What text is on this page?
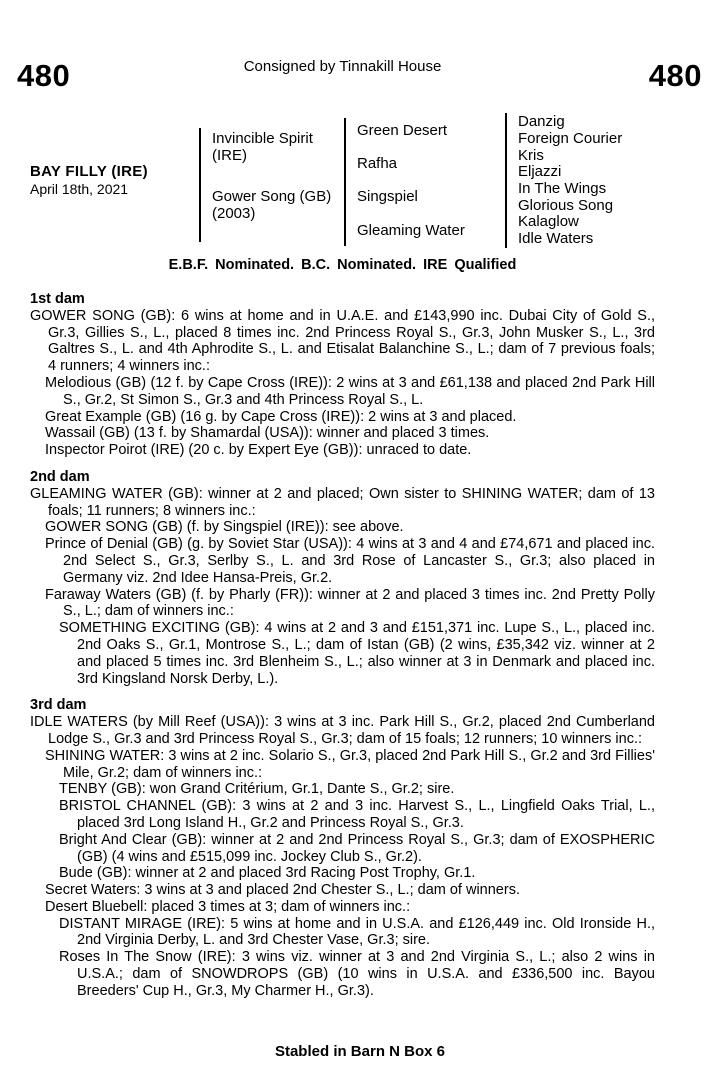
480	Consigned by Tinnakill House	480
BAY FILLY (IRE)
April 18th, 2021
Invincible Spirit (IRE)
Gower Song (GB) (2003)
Green Desert
Rafha
Singspiel
Gleaming Water
Danzig
Foreign Courier
Kris
Eljazzi
In The Wings
Glorious Song
Kalaglow
Idle Waters
E.B.F. Nominated. B.C. Nominated. IRE Qualified
1st dam
GOWER SONG (GB): 6 wins at home and in U.A.E. and £143,990 inc. Dubai City of Gold S., Gr.3, Gillies S., L., placed 8 times inc. 2nd Princess Royal S., Gr.3, John Musker S., L., 3rd Galtres S., L. and 4th Aphrodite S., L. and Etisalat Balanchine S., L.; dam of 7 previous foals; 4 runners; 4 winners inc.:
Melodious (GB) (12 f. by Cape Cross (IRE)): 2 wins at 3 and £61,138 and placed 2nd Park Hill S., Gr.2, St Simon S., Gr.3 and 4th Princess Royal S., L.
Great Example (GB) (16 g. by Cape Cross (IRE)): 2 wins at 3 and placed.
Wassail (GB) (13 f. by Shamardal (USA)): winner and placed 3 times.
Inspector Poirot (IRE) (20 c. by Expert Eye (GB)): unraced to date.
2nd dam
GLEAMING WATER (GB): winner at 2 and placed; Own sister to SHINING WATER; dam of 13 foals; 11 runners; 8 winners inc.:
GOWER SONG (GB) (f. by Singspiel (IRE)): see above.
Prince of Denial (GB) (g. by Soviet Star (USA)): 4 wins at 3 and 4 and £74,671 and placed inc. 2nd Select S., Gr.3, Serlby S., L. and 3rd Rose of Lancaster S., Gr.3; also placed in Germany viz. 2nd Idee Hansa-Preis, Gr.2.
Faraway Waters (GB) (f. by Pharly (FR)): winner at 2 and placed 3 times inc. 2nd Pretty Polly S., L.; dam of winners inc.:
SOMETHING EXCITING (GB): 4 wins at 2 and 3 and £151,371 inc. Lupe S., L., placed inc. 2nd Oaks S., Gr.1, Montrose S., L.; dam of Istan (GB) (2 wins, £35,342 viz. winner at 2 and placed 5 times inc. 3rd Blenheim S., L.; also winner at 3 in Denmark and placed inc. 3rd Kingsland Norsk Derby, L.).
3rd dam
IDLE WATERS (by Mill Reef (USA)): 3 wins at 3 inc. Park Hill S., Gr.2, placed 2nd Cumberland Lodge S., Gr.3 and 3rd Princess Royal S., Gr.3; dam of 15 foals; 12 runners; 10 winners inc.:
SHINING WATER: 3 wins at 2 inc. Solario S., Gr.3, placed 2nd Park Hill S., Gr.2 and 3rd Fillies' Mile, Gr.2; dam of winners inc.:
TENBY (GB): won Grand Critérium, Gr.1, Dante S., Gr.2; sire.
BRISTOL CHANNEL (GB): 3 wins at 2 and 3 inc. Harvest S., L., Lingfield Oaks Trial, L., placed 3rd Long Island H., Gr.2 and Princess Royal S., Gr.3.
Bright And Clear (GB): winner at 2 and 2nd Princess Royal S., Gr.3; dam of EXOSPHERIC (GB) (4 wins and £515,099 inc. Jockey Club S., Gr.2).
Bude (GB): winner at 2 and placed 3rd Racing Post Trophy, Gr.1.
Secret Waters: 3 wins at 3 and placed 2nd Chester S., L.; dam of winners.
Desert Bluebell: placed 3 times at 3; dam of winners inc.:
DISTANT MIRAGE (IRE): 5 wins at home and in U.S.A. and £126,449 inc. Old Ironside H., 2nd Virginia Derby, L. and 3rd Chester Vase, Gr.3; sire.
Roses In The Snow (IRE): 3 wins viz. winner at 3 and 2nd Virginia S., L.; also 2 wins in U.S.A.; dam of SNOWDROPS (GB) (10 wins in U.S.A. and £336,500 inc. Bayou Breeders' Cup H., Gr.3, My Charmer H., Gr.3).
Stabled in Barn N Box 6
